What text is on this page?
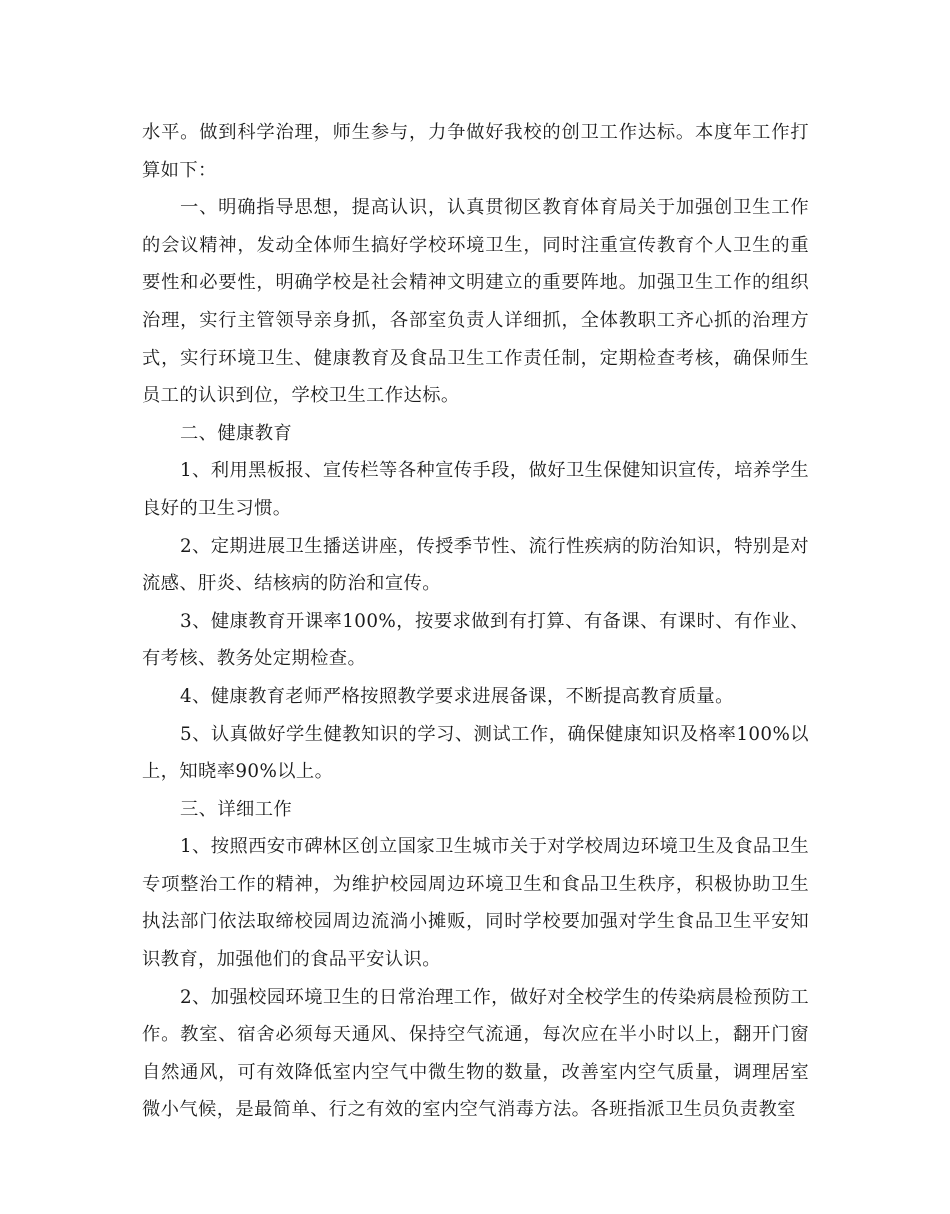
水平。做到科学治理，师生参与，力争做好我校的创卫工作达标。本度年工作打算如下：

一、明确指导思想，提高认识，认真贯彻区教育体育局关于加强创卫生工作的会议精神，发动全体师生搞好学校环境卫生，同时注重宣传教育个人卫生的重要性和必要性，明确学校是社会精神文明建立的重要阵地。加强卫生工作的组织治理，实行主管领导亲身抓，各部室负责人详细抓，全体教职工齐心抓的治理方式，实行环境卫生、健康教育及食品卫生工作责任制，定期检查考核，确保师生员工的认识到位，学校卫生工作达标。

二、健康教育

1、利用黑板报、宣传栏等各种宣传手段，做好卫生保健知识宣传，培养学生良好的卫生习惯。

2、定期进展卫生播送讲座，传授季节性、流行性疾病的防治知识，特别是对流感、肝炎、结核病的防治和宣传。

3、健康教育开课率100%，按要求做到有打算、有备课、有课时、有作业、有考核、教务处定期检查。

4、健康教育老师严格按照教学要求进展备课，不断提高教育质量。

5、认真做好学生健教知识的学习、测试工作，确保健康知识及格率100%以上，知晓率90%以上。

三、详细工作

1、按照西安市碑林区创立国家卫生城市关于对学校周边环境卫生及食品卫生专项整治工作的精神，为维护校园周边环境卫生和食品卫生秩序，积极协助卫生执法部门依法取缔校园周边流淌小摊贩，同时学校要加强对学生食品卫生平安知识教育，加强他们的食品平安认识。

2、加强校园环境卫生的日常治理工作，做好对全校学生的传染病晨检预防工作。教室、宿舍必须每天通风、保持空气流通，每次应在半小时以上，翻开门窗自然通风，可有效降低室内空气中微生物的数量，改善室内空气质量，调理居室微小气候，是最简单、行之有效的室内空气消毒方法。各班指派卫生员负责教室
